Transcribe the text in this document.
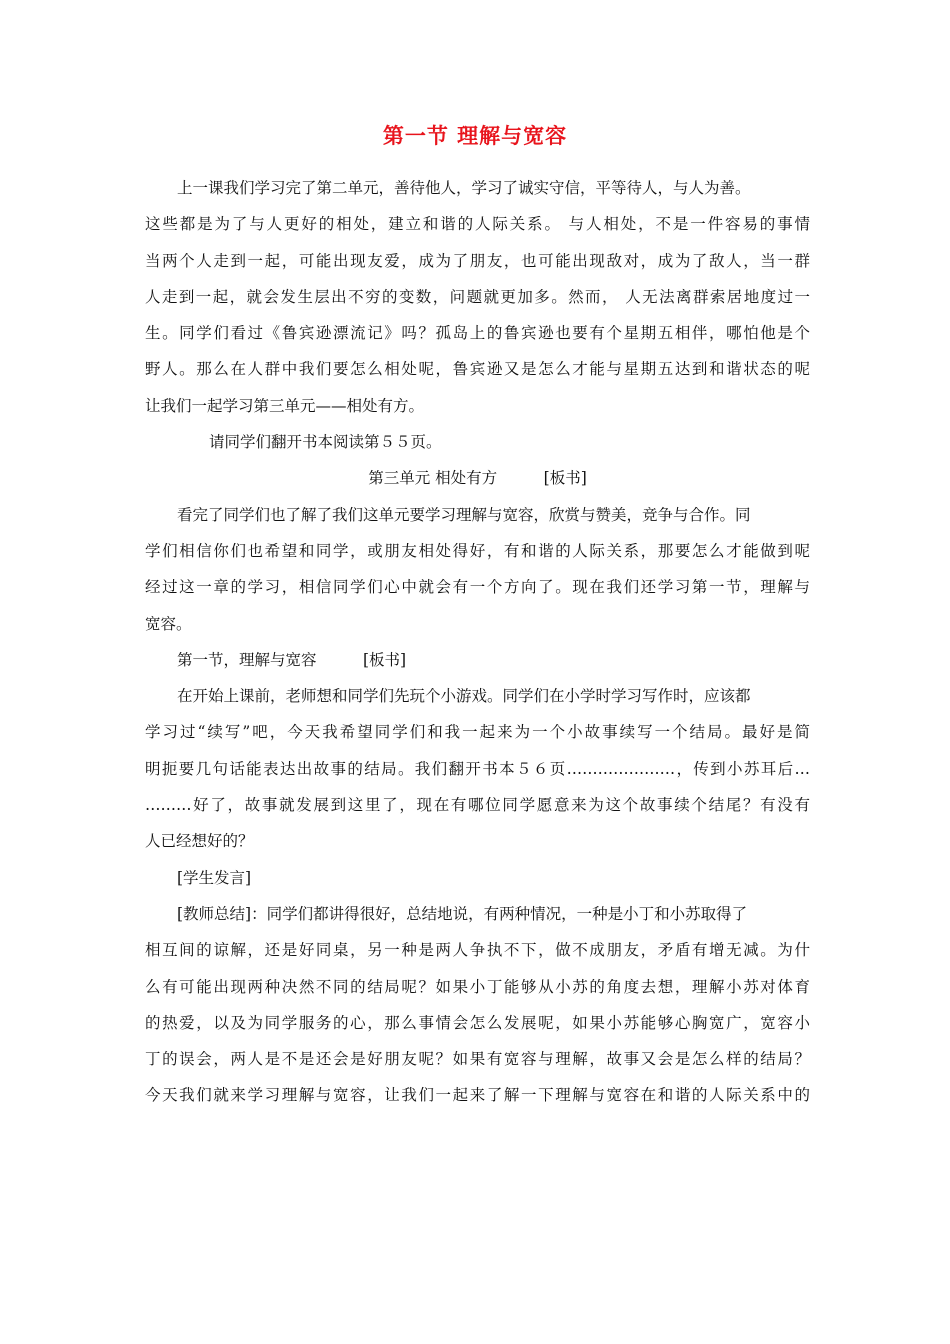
第一节 理解与宽容
上一课我们学习完了第二单元，善待他人，学习了诚实守信，平等待人，与人为善。
这些都是为了与人更好的相处，建立和谐的人际关系。 与人相处，不是一件容易的事情
当两个人走到一起，可能出现友爱，成为了朋友，也可能出现敌对，成为了敌人，当一群
人走到一起，就会发生层出不穷的变数，问题就更加多。然而， 人无法离群索居地度过一
生。同学们看过《鲁宾逊漂流记》吗？孤岛上的鲁宾逊也要有个星期五相伴，哪怕他是个
野人。那么在人群中我们要怎么相处呢，鲁宾逊又是怎么才能与星期五达到和谐状态的呢
让我们一起学习第三单元——相处有方。
请同学们翻开书本阅读第５５页。
第三单元 相处有方　　　[板书]
看完了同学们也了解了我们这单元要学习理解与宽容，欣赏与赞美，竞争与合作。同
学们相信你们也希望和同学，或朋友相处得好，有和谐的人际关系，那要怎么才能做到呢
经过这一章的学习，相信同学们心中就会有一个方向了。现在我们还学习第一节，理解与
宽容。
第一节，理解与宽容　　　[板书]
在开始上课前，老师想和同学们先玩个小游戏。同学们在小学时学习写作时，应该都
学习过“续写”吧，今天我希望同学们和我一起来为一个小故事续写一个结局。最好是简
明扼要几句话能表达出故事的结局。我们翻开书本５６页…………………，传到小苏耳后…
………好了，故事就发展到这里了，现在有哪位同学愿意来为这个故事续个结尾？有没有
人已经想好的？
[学生发言]
[教师总结]：同学们都讲得很好，总结地说，有两种情况，一种是小丁和小苏取得了
相互间的谅解，还是好同桌，另一种是两人争执不下，做不成朋友，矛盾有增无减。为什
么有可能出现两种决然不同的结局呢？如果小丁能够从小苏的角度去想，理解小苏对体育
的热爱，以及为同学服务的心，那么事情会怎么发展呢，如果小苏能够心胸宽广，宽容小
丁的误会，两人是不是还会是好朋友呢？如果有宽容与理解，故事又会是怎么样的结局？
今天我们就来学习理解与宽容，让我们一起来了解一下理解与宽容在和谐的人际关系中的
